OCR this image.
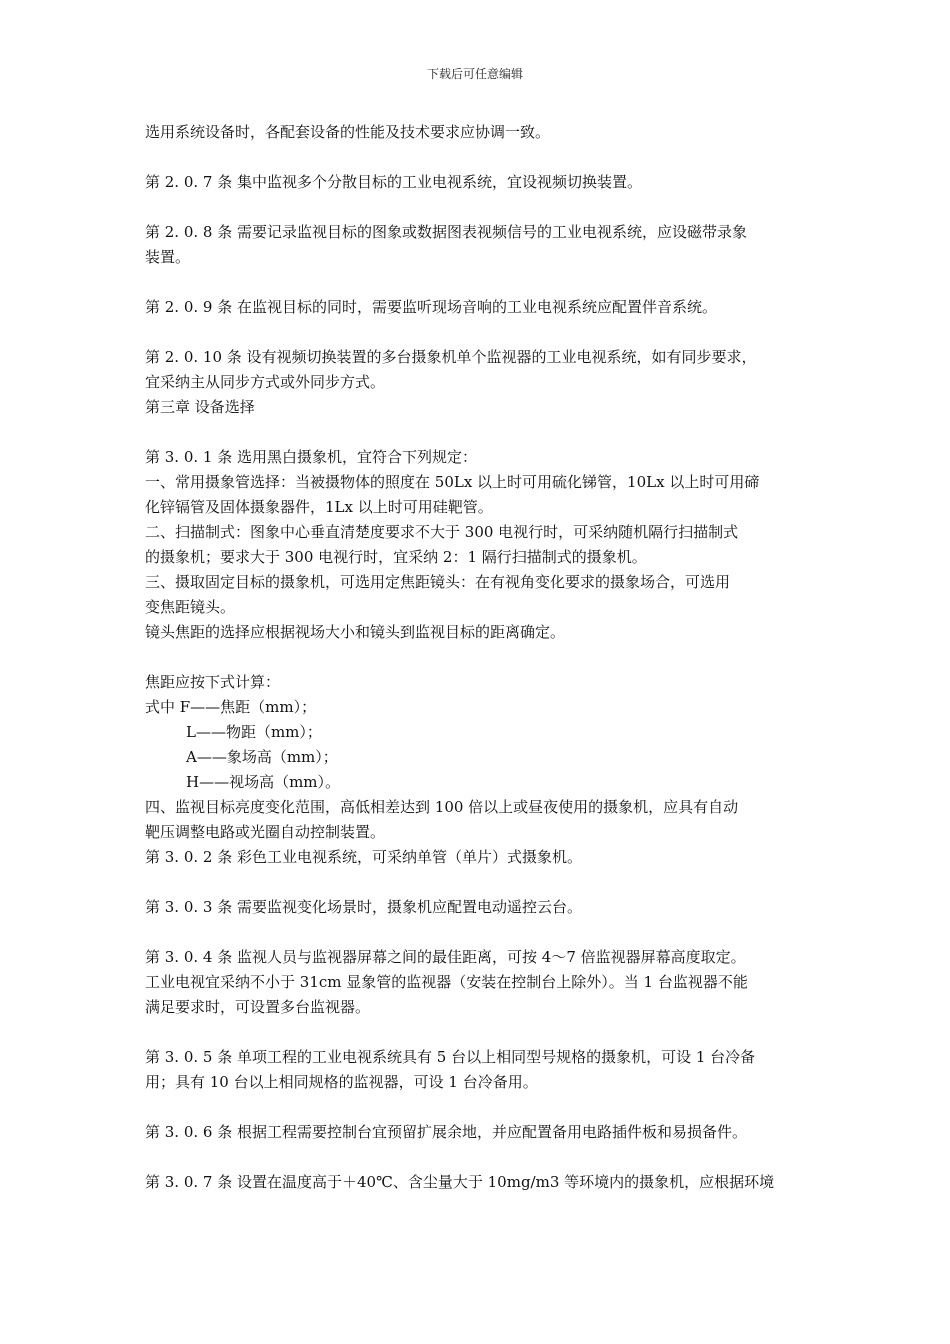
下载后可任意编辑
选用系统设备时，各配套设备的性能及技术要求应协调一致。
第 2. 0. 7 条 集中监视多个分散目标的工业电视系统，宜设视频切换装置。
第 2. 0. 8 条 需要记录监视目标的图象或数据图表视频信号的工业电视系统，应设磁带录象
装置。
第 2. 0. 9 条 在监视目标的同时，需要监听现场音响的工业电视系统应配置伴音系统。
第 2. 0. 10 条 设有视频切换装置的多台摄象机单个监视器的工业电视系统，如有同步要求，
宜采纳主从同步方式或外同步方式。
第三章 设备选择
第 3. 0. 1 条 选用黑白摄象机，宜符合下列规定：
一、常用摄象管选择：当被摄物体的照度在 50Lx 以上时可用硫化锑管，10Lx 以上时可用碲
化锌镉管及固体摄象器件，1Lx 以上时可用硅靶管。
二、扫描制式：图象中心垂直清楚度要求不大于 300 电视行时，可采纳随机隔行扫描制式
的摄象机；要求大于 300 电视行时，宜采纳 2：1 隔行扫描制式的摄象机。
三、摄取固定目标的摄象机，可选用定焦距镜头：在有视角变化要求的摄象场合，可选用
变焦距镜头。
镜头焦距的选择应根据视场大小和镜头到监视目标的距离确定。
焦距应按下式计算：
式中 F——焦距（mm）；
L——物距（mm）；
A——象场高（mm）；
H——视场高（mm）。
四、监视目标亮度变化范围，高低相差达到 100 倍以上或昼夜使用的摄象机，应具有自动
靶压调整电路或光圈自动控制装置。
第 3. 0. 2 条 彩色工业电视系统，可采纳单管（单片）式摄象机。
第 3. 0. 3 条 需要监视变化场景时，摄象机应配置电动遥控云台。
第 3. 0. 4 条 监视人员与监视器屏幕之间的最佳距离，可按 4～7 倍监视器屏幕高度取定。
工业电视宜采纳不小于 31cm 显象管的监视器（安装在控制台上除外）。当 1 台监视器不能
满足要求时，可设置多台监视器。
第 3. 0. 5 条 单项工程的工业电视系统具有 5 台以上相同型号规格的摄象机，可设 1 台冷备
用；具有 10 台以上相同规格的监视器，可设 1 台冷备用。
第 3. 0. 6 条 根据工程需要控制台宜预留扩展余地，并应配置备用电路插件板和易损备件。
第 3. 0. 7 条 设置在温度高于＋40℃、含尘量大于 10mg/m3 等环境内的摄象机，应根据环境
